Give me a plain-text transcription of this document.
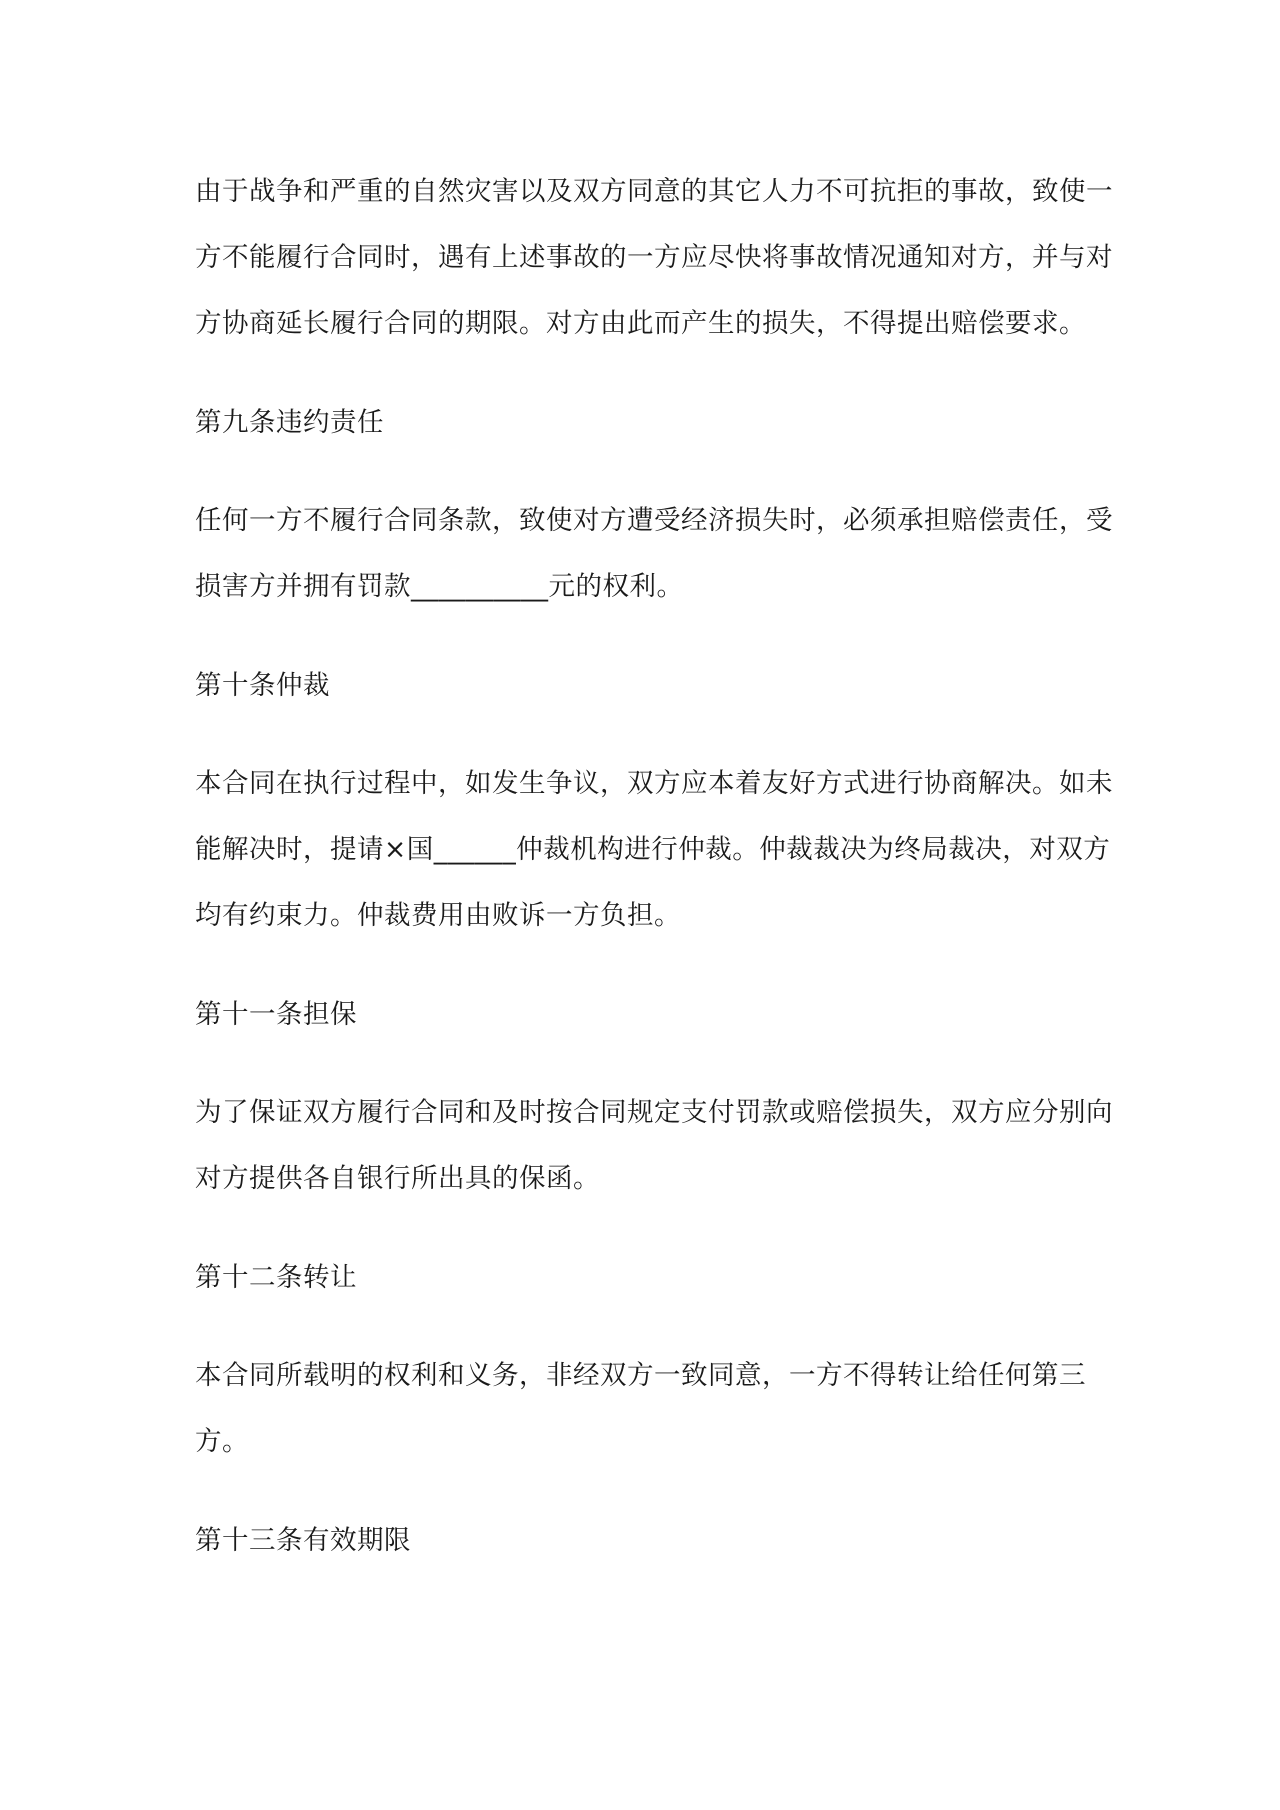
由于战争和严重的自然灾害以及双方同意的其它人力不可抗拒的事故，致使一

方不能履行合同时，遇有上述事故的一方应尽快将事故情况通知对方，并与对

方协商延长履行合同的期限。对方由此而产生的损失，不得提出赔偿要求。

第九条违约责任

任何一方不履行合同条款，致使对方遭受经济损失时，必须承担赔偿责任，受

损害方并拥有罚款__________元的权利。

第十条仲裁

本合同在执行过程中，如发生争议，双方应本着友好方式进行协商解决。如未

能解决时，提请×国______仲裁机构进行仲裁。仲裁裁决为终局裁决，对双方

均有约束力。仲裁费用由败诉一方负担。

第十一条担保

为了保证双方履行合同和及时按合同规定支付罚款或赔偿损失，双方应分别向

对方提供各自银行所出具的保函。

第十二条转让

本合同所载明的权利和义务，非经双方一致同意，一方不得转让给任何第三

方。

第十三条有效期限
